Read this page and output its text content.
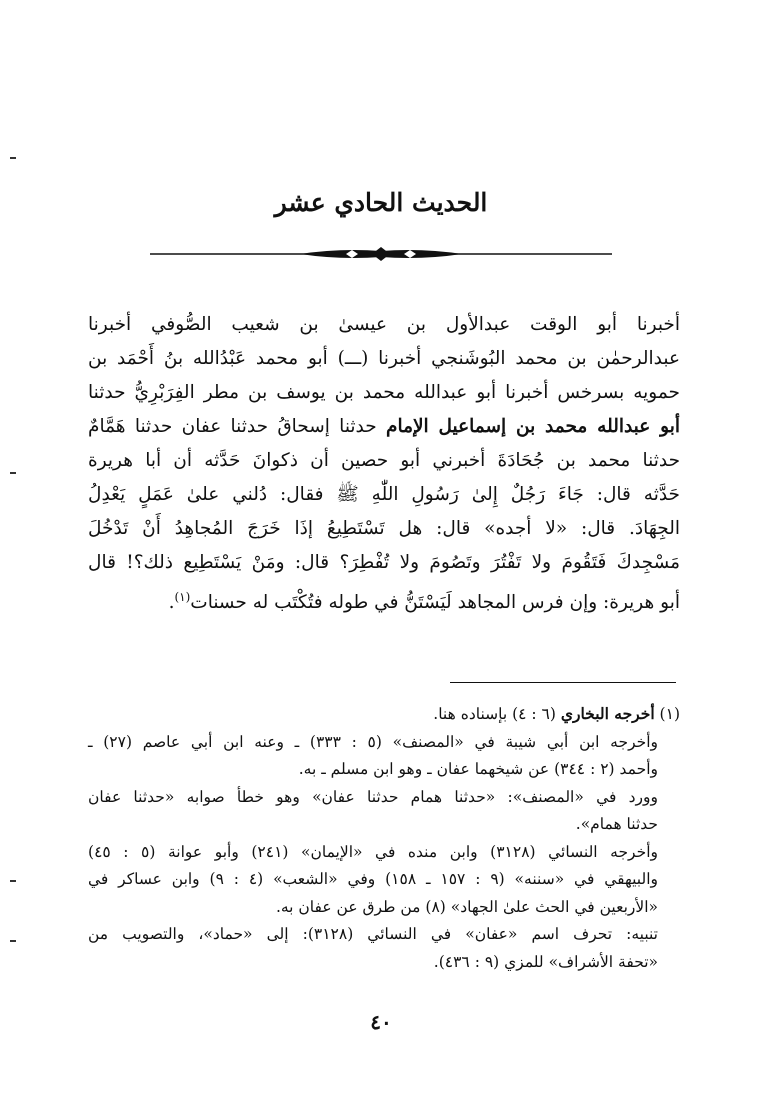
الحديث الحادي عشر
أخبرنا أبو الوقت عبدالأول بن عيسىٰ بن شعيب الصُّوفي أخبرنا
عبدالرحمٰن بن محمد البُوشَنجي أخبرنا (ـــ) أبو محمد عَبْدُالله بنُ أَحْمَد بن
حمويه بسرخس أخبرنا أبو عبدالله محمد بن يوسف بن مطر الفِرَبْرِيُّ حدثنا
أبو عبدالله محمد بن إسماعيل الإمام حدثنا إسحاقُ حدثنا عفان حدثنا هَمَّامٌ
حدثنا محمد بن جُحَادَةَ أخبرني أبو حصين أن ذكوانَ حَدَّثه أن أبا هريرة
حَدَّثه قال: جَاءَ رَجُلٌ إِلىٰ رَسُولِ اللّٰهِ ﷺ فقال: دُلني علىٰ عَمَلٍ يَعْدِلُ
الجِهَادَ. قال: «لا أجده» قال: هل تَسْتَطِيعُ إذَا خَرَجَ المُجاهِدُ أَنْ تَدْخُلَ
مَسْجِدكَ فَتَقُومَ ولا تَفْتُرَ وتَصُومَ ولا تُفْطِرَ؟ قال: ومَنْ يَسْتَطِيع ذلك؟! قال
أبو هريرة: وإن فرس المجاهد لَيَسْتَنُّ في طوله فتُكْتَب له حسنات$^{(١)}$.
(١) أخرجه البخاري (٦ : ٤) بإسناده هنا.
وأخرجه ابن أبي شيبة في «المصنف» (٥ : ٣٣٣) ـ وعنه ابن أبي عاصم (٢٧) ـ
وأحمد (٢ : ٣٤٤) عن شيخهما عفان ـ وهو ابن مسلم ـ به.
وورد في «المصنف»: «حدثنا همام حدثنا عفان» وهو خطأ صوابه «حدثنا عفان
حدثنا همام».
وأخرجه النسائي (٣١٢٨) وابن منده في «الإيمان» (٢٤١) وأبو عوانة (٥ : ٤٥)
والبيهقي في «سننه» (٩ : ١٥٧ ـ ١٥٨) وفي «الشعب» (٤ : ٩) وابن عساكر في
«الأربعين في الحث علىٰ الجهاد» (٨) من طرق عن عفان به.
تنبيه: تحرف اسم «عفان» في النسائي (٣١٢٨): إلى «حماد»، والتصويب من
«تحفة الأشراف» للمزي (٩ : ٤٣٦).
٤٠
